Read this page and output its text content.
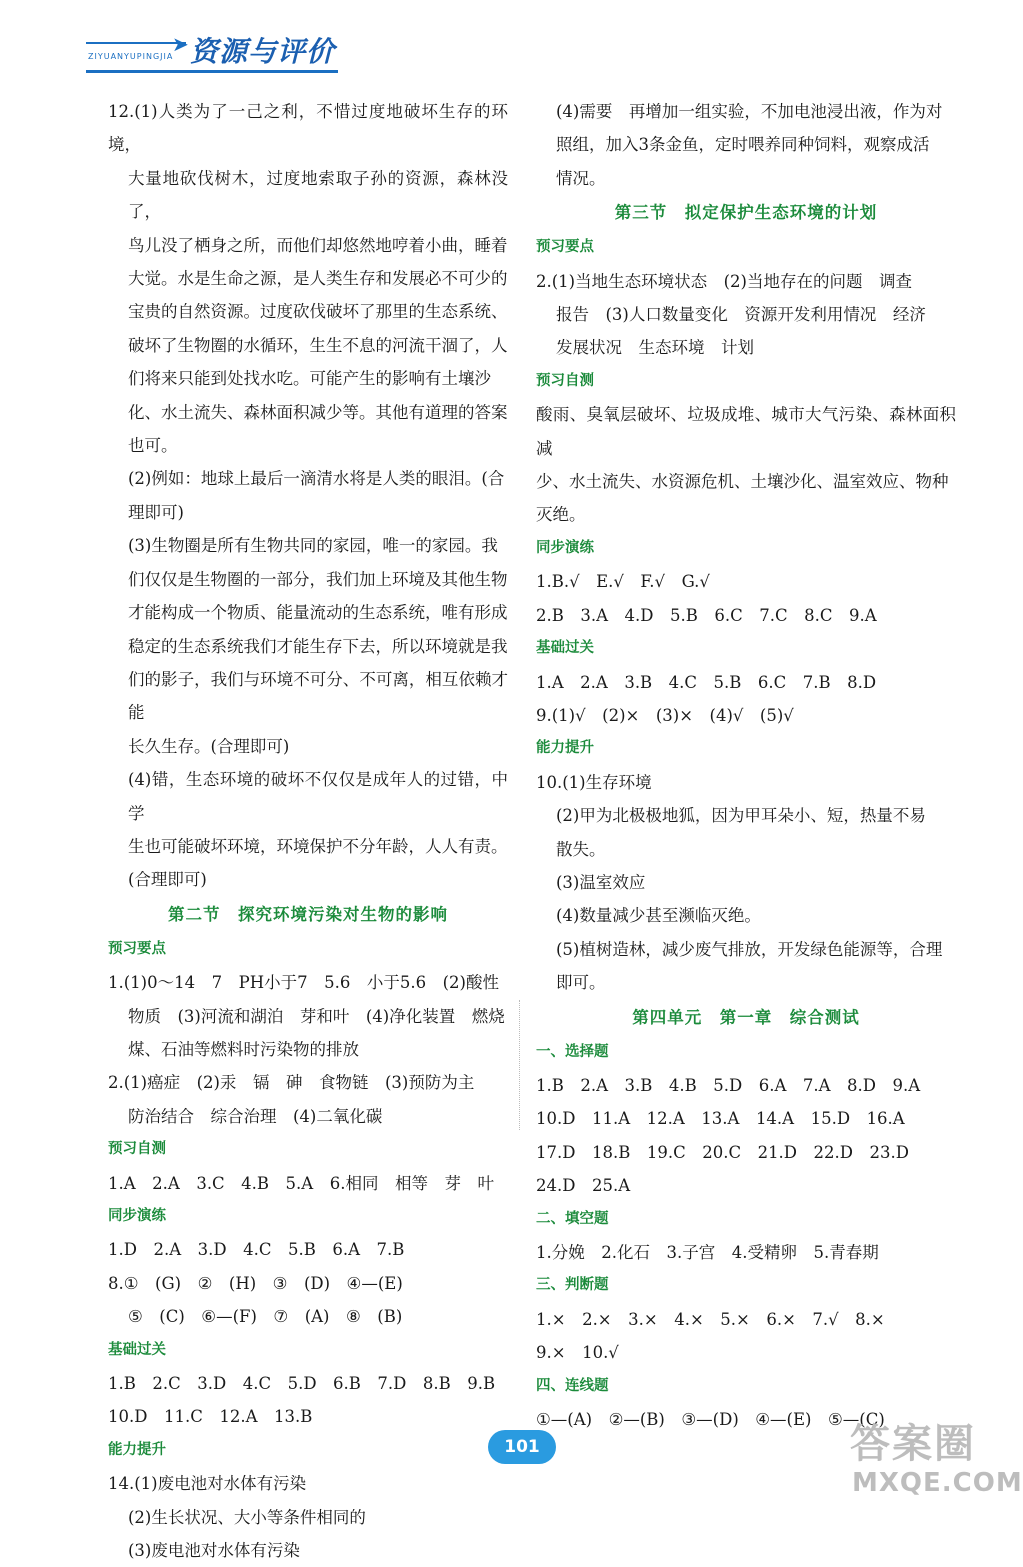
➤
ZIYUANYUPINGJIA 资源与评价
12.(1)人类为了一己之利，不惜过度地破坏生存的环境，
大量地砍伐树木，过度地索取子孙的资源，森林没了，
鸟儿没了栖身之所，而他们却悠然地哼着小曲，睡着
大觉。水是生命之源，是人类生存和发展必不可少的
宝贵的自然资源。过度砍伐破坏了那里的生态系统、
破坏了生物圈的水循环，生生不息的河流干涸了，人
们将来只能到处找水吃。可能产生的影响有土壤沙
化、水土流失、森林面积减少等。其他有道理的答案
也可。
(2)例如：地球上最后一滴清水将是人类的眼泪。(合
理即可)
(3)生物圈是所有生物共同的家园，唯一的家园。我
们仅仅是生物圈的一部分，我们加上环境及其他生物
才能构成一个物质、能量流动的生态系统，唯有形成
稳定的生态系统我们才能生存下去，所以环境就是我
们的影子，我们与环境不可分、不可离，相互依赖才能
长久生存。(合理即可)
(4)错，生态环境的破坏不仅仅是成年人的过错，中学
生也可能破坏环境，环境保护不分年龄，人人有责。
(合理即可)
第二节　探究环境污染对生物的影响
预习要点
1.(1)0～14　7　PH小于7　5.6　小于5.6　(2)酸性
物质　(3)河流和湖泊　芽和叶　(4)净化装置　燃烧
煤、石油等燃料时污染物的排放
2.(1)癌症　(2)汞　镉　砷　食物链　(3)预防为主
防治结合　综合治理　(4)二氧化碳
预习自测
1.A　2.A　3.C　4.B　5.A　6.相同　相等　芽　叶
同步演练
1.D　2.A　3.D　4.C　5.B　6.A　7.B
8.①　(G)　②　(H)　③　(D)　④—(E)
⑤　(C)　⑥—(F)　⑦　(A)　⑧　(B)
基础过关
1.B　2.C　3.D　4.C　5.D　6.B　7.D　8.B　9.B
10.D　11.C　12.A　13.B
能力提升
14.(1)废电池对水体有污染
(2)生长状况、大小等条件相同的
(3)废电池对水体有污染
(4)需要　再增加一组实验，不加电池浸出液，作为对
照组，加入3条金鱼，定时喂养同种饲料，观察成活
情况。
第三节　拟定保护生态环境的计划
预习要点
2.(1)当地生态环境状态　(2)当地存在的问题　调查
报告　(3)人口数量变化　资源开发利用情况　经济
发展状况　生态环境　计划
预习自测
酸雨、臭氧层破坏、垃圾成堆、城市大气污染、森林面积减
少、水土流失、水资源危机、土壤沙化、温室效应、物种
灭绝。
同步演练
1.B.√　E.√　F.√　G.√
2.B　3.A　4.D　5.B　6.C　7.C　8.C　9.A
基础过关
1.A　2.A　3.B　4.C　5.B　6.C　7.B　8.D
9.(1)√　(2)×　(3)×　(4)√　(5)√
能力提升
10.(1)生存环境
(2)甲为北极极地狐，因为甲耳朵小、短，热量不易
散失。
(3)温室效应
(4)数量减少甚至濒临灭绝。
(5)植树造林，减少废气排放，开发绿色能源等，合理
即可。
第四单元　第一章　综合测试
一、选择题
1.B　2.A　3.B　4.B　5.D　6.A　7.A　8.D　9.A
10.D　11.A　12.A　13.A　14.A　15.D　16.A
17.D　18.B　19.C　20.C　21.D　22.D　23.D
24.D　25.A
二、填空题
1.分娩　2.化石　3.子宫　4.受精卵　5.青春期
三、判断题
1.×　2.×　3.×　4.×　5.×　6.×　7.√　8.×
9.×　10.√
四、连线题
①—(A)　②—(B)　③—(D)　④—(E)　⑤—(C)
101	答案圈
MXQE.COM
